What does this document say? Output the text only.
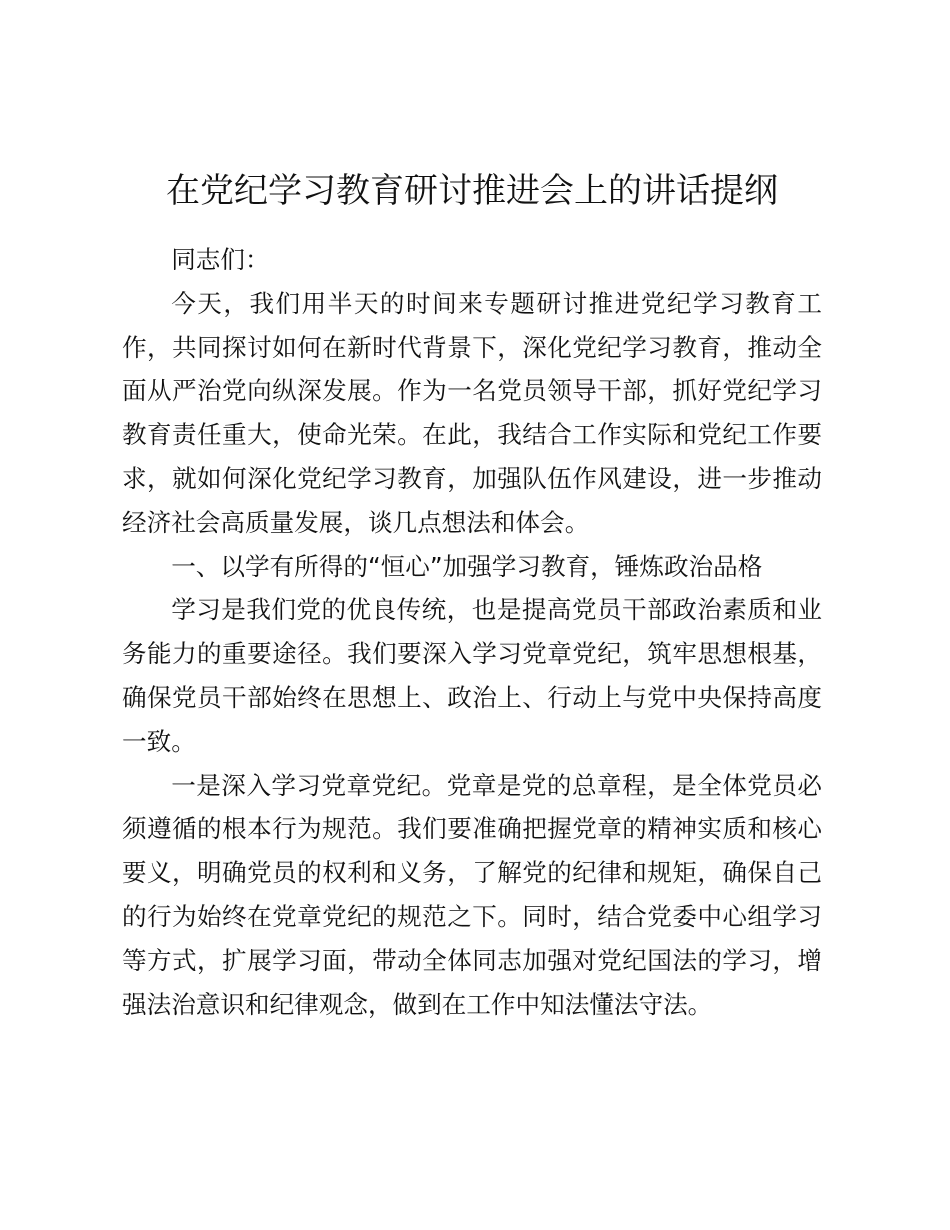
在党纪学习教育研讨推进会上的讲话提纲

同志们：

今天，我们用半天的时间来专题研讨推进党纪学习教育工作，共同探讨如何在新时代背景下，深化党纪学习教育，推动全面从严治党向纵深发展。作为一名党员领导干部，抓好党纪学习教育责任重大，使命光荣。在此，我结合工作实际和党纪工作要求，就如何深化党纪学习教育，加强队伍作风建设，进一步推动经济社会高质量发展，谈几点想法和体会。

一、以学有所得的“恒心”加强学习教育，锤炼政治品格

学习是我们党的优良传统，也是提高党员干部政治素质和业务能力的重要途径。我们要深入学习党章党纪，筑牢思想根基，确保党员干部始终在思想上、政治上、行动上与党中央保持高度一致。

一是深入学习党章党纪。党章是党的总章程，是全体党员必须遵循的根本行为规范。我们要准确把握党章的精神实质和核心要义，明确党员的权利和义务，了解党的纪律和规矩，确保自己的行为始终在党章党纪的规范之下。同时，结合党委中心组学习等方式，扩展学习面，带动全体同志加强对党纪国法的学习，增强法治意识和纪律观念，做到在工作中知法懂法守法。
